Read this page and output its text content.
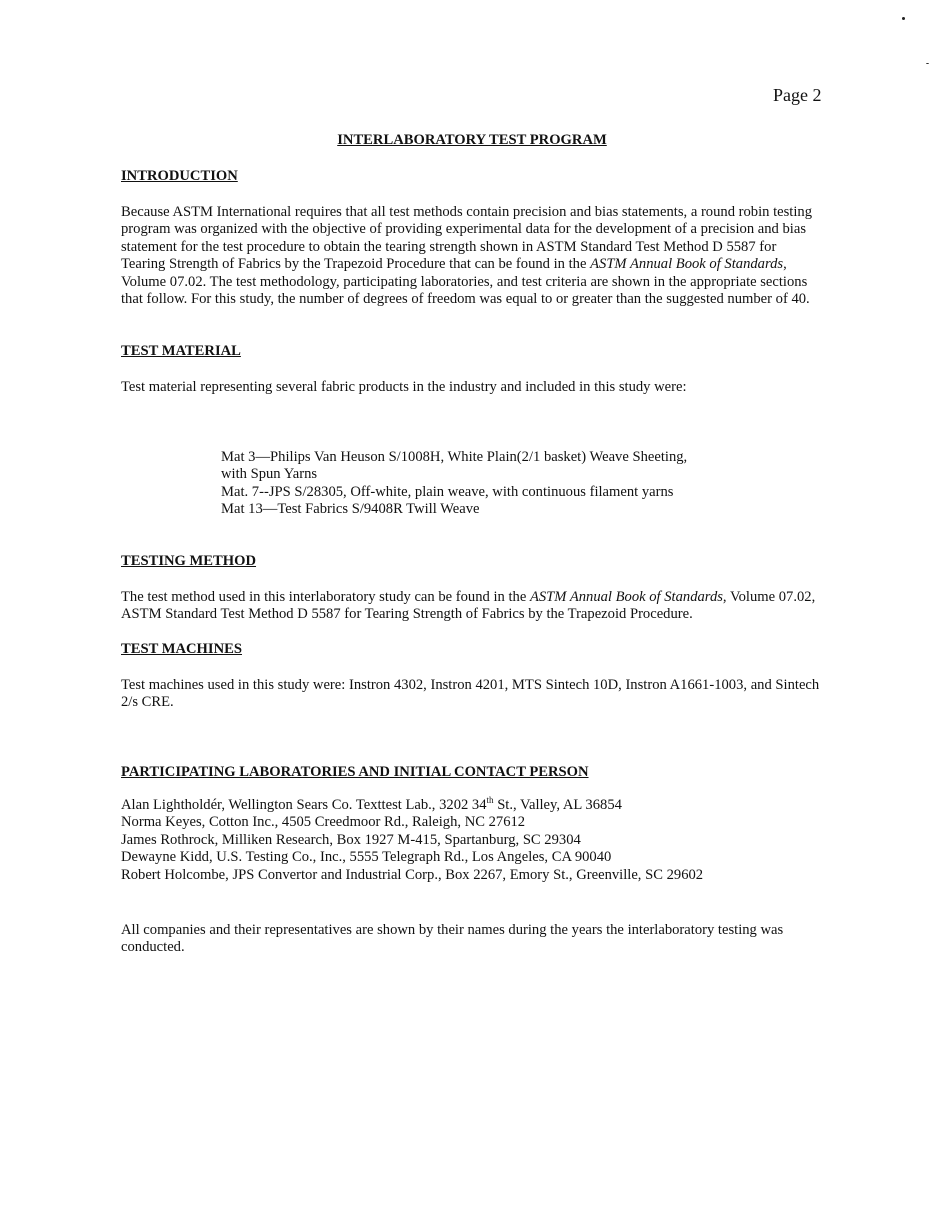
Page 2
INTERLABORATORY TEST PROGRAM
INTRODUCTION

Because ASTM International requires that all test methods contain precision and bias statements, a round robin testing program was organized with the objective of providing experimental data for the development of a precision and bias statement for the test procedure to obtain the tearing strength shown in ASTM Standard Test Method D 5587 for Tearing Strength of Fabrics by the Trapezoid Procedure that can be found in the ASTM Annual Book of Standards, Volume 07.02. The test methodology, participating laboratories, and test criteria are shown in the appropriate sections that follow. For this study, the number of degrees of freedom was equal to or greater than the suggested number of 40.

TEST MATERIAL

Test material representing several fabric products in the industry and included in this study were:

Mat 3—Philips Van Heuson S/1008H, White Plain(2/1 basket) Weave Sheeting,
with Spun Yarns
Mat. 7--JPS S/28305, Off-white, plain weave, with continuous filament yarns
Mat 13—Test Fabrics S/9408R Twill Weave
TESTING METHOD

The test method used in this interlaboratory study can be found in the ASTM Annual Book of Standards, Volume 07.02, ASTM Standard Test Method D 5587 for Tearing Strength of Fabrics by the Trapezoid Procedure.

TEST MACHINES

Test machines used in this study were: Instron 4302, Instron 4201, MTS Sintech 10D, Instron A1661-1003, and Sintech 2/s CRE.

PARTICIPATING LABORATORIES AND INITIAL CONTACT PERSON
Alan Lightholdér, Wellington Sears Co. Texttest Lab., 3202 34th St., Valley, AL 36854
Norma Keyes, Cotton Inc., 4505 Creedmoor Rd., Raleigh, NC 27612
James Rothrock, Milliken Research, Box 1927 M-415, Spartanburg, SC 29304
Dewayne Kidd, U.S. Testing Co., Inc., 5555 Telegraph Rd., Los Angeles, CA 90040
Robert Holcombe, JPS Convertor and Industrial Corp., Box 2267, Emory St., Greenville, SC 29602

All companies and their representatives are shown by their names during the years the interlaboratory testing was conducted.
